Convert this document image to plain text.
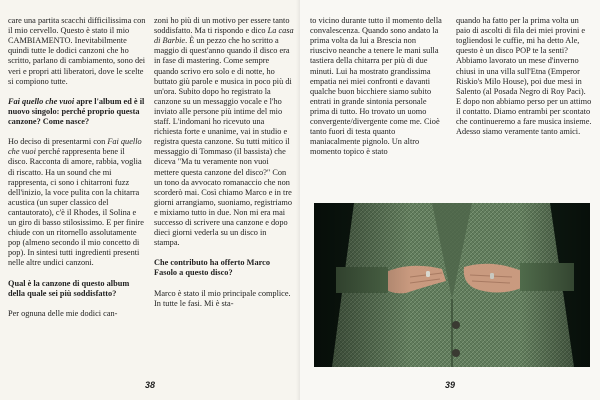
care una partita scacchi difficilissima con il mio cervello. Questo è stato il mio CAMBIAMENTO. Inevitabilmente quindi tutte le dodici canzoni che ho scritto, parlano di cambiamento, sono dei veri e propri atti liberatori, dove le scelte si compiono tutte.

Fai quello che vuoi apre l'album ed è il nuovo singolo: perché proprio questa canzone? Come nasce?

Ho deciso di presentarmi con Fai quello che vuoi perché rappresenta bene il disco. Racconta di amore, rabbia, voglia di riscatto. Ha un sound che mi rappresenta, ci sono i chitarroni fuzz dell'inizio, la voce pulita con la chitarra acustica (un super classico del cantautorato), c'è il Rhodes, il Solina e un giro di basso stilosissimo. E per finire chiude con un ritornello assolutamente pop (almeno secondo il mio concetto di pop). In sintesi tutti ingredienti presenti nelle altre undici canzoni.

Qual è la canzone di questo album della quale sei più soddisfatto?

Per ognuna delle mie dodici can-

zoni ho più di un motivo per essere tanto soddisfatto. Ma ti rispondo e dico La casa di Barbie. È un pezzo che ho scritto a maggio di quest'anno quando il disco era in fase di mastering. Come sempre quando scrivo ero solo e di notte, ho buttato giù parole e musica in poco più di un'ora. Subito dopo ho registrato la canzone su un messaggio vocale e l'ho inviato alle persone più intime del mio staff. L'indomani ho ricevuto una richiesta forte e unanime, vai in studio e registra questa canzone. Su tutti mitico il messaggio di Tommaso (il bassista) che diceva "Ma tu veramente non vuoi mettere questa canzone del disco?" Con un tono da avvocato romanaccio che non scorderò mai. Così chiamo Marco e in tre giorni arrangiamo, suoniamo, registriamo e mixiamo tutto in due. Non mi era mai successo di scrivere una canzone e dopo dieci giorni vederla su un disco in stampa.

Che contributo ha offerto Marco Fasolo a questo disco?

Marco è stato il mio principale complice. In tutte le fasi. Mi è sta-

38

to vicino durante tutto il momento della convalescenza. Quando sono andato la prima volta da lui a Brescia non riuscivo neanche a tenere le mani sulla tastiera della chitarra per più di due minuti. Lui ha mostrato grandissima empatia nei miei confronti e davanti qualche buon bicchiere siamo subito entrati in grande sintonia personale prima di tutto. Ho trovato un uomo convergente/divergente come me. Cioè tanto fuori di testa quanto maniacalmente pignolo. Un altro momento topico è stato

quando ha fatto per la prima volta un paio di ascolti di fila dei miei provini e togliendosi le cuffie, mi ha detto Ale, questo è un disco POP te la senti? Abbiamo lavorato un mese d'inverno chiusi in una villa sull'Etna (Emperor Riskio's Milo House), poi due mesi in Salento (al Posada Negro di Roy Paci). E dopo non abbiamo perso per un attimo il contatto. Diamo entrambi per scontato che continueremo a fare musica insieme. Adesso siamo veramente tanto amici.

39
